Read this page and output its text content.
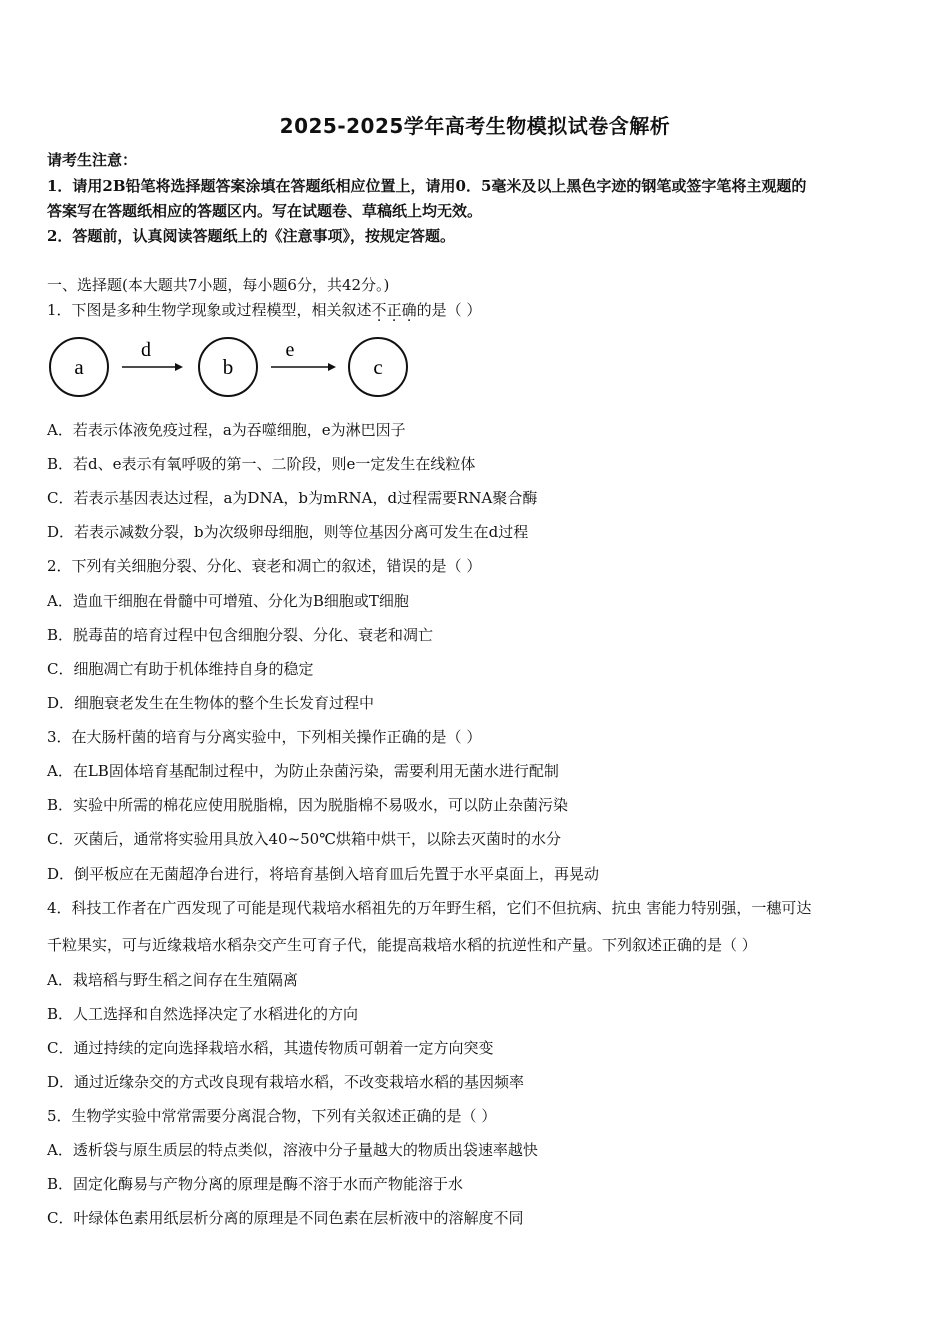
2025-2025学年高考生物模拟试卷含解析
请考生注意：
1．请用2B铅笔将选择题答案涂填在答题纸相应位置上，请用0．5毫米及以上黑色字迹的钢笔或签字笔将主观题的
答案写在答题纸相应的答题区内。写在试题卷、草稿纸上均无效。
2．答题前，认真阅读答题纸上的《注意事项》，按规定答题。
一、选择题(本大题共7小题，每小题6分，共42分。)
1．下图是多种生物学现象或过程模型，相关叙述不正确的是（ ）
a
d
b
e
c
A．若表示体液免疫过程，a为吞噬细胞，e为淋巴因子
B．若d、e表示有氧呼吸的第一、二阶段，则e一定发生在线粒体
C．若表示基因表达过程，a为DNA，b为mRNA，d过程需要RNA聚合酶
D．若表示减数分裂，b为次级卵母细胞，则等位基因分离可发生在d过程
2．下列有关细胞分裂、分化、衰老和凋亡的叙述，错误的是（ ）
A．造血干细胞在骨髓中可增殖、分化为B细胞或T细胞
B．脱毒苗的培育过程中包含细胞分裂、分化、衰老和凋亡
C．细胞凋亡有助于机体维持自身的稳定
D．细胞衰老发生在生物体的整个生长发育过程中
3．在大肠杆菌的培育与分离实验中，下列相关操作正确的是（ ）
A．在LB固体培育基配制过程中，为防止杂菌污染，需要利用无菌水进行配制
B．实验中所需的棉花应使用脱脂棉，因为脱脂棉不易吸水，可以防止杂菌污染
C．灭菌后，通常将实验用具放入40~50℃烘箱中烘干，以除去灭菌时的水分
D．倒平板应在无菌超净台进行，将培育基倒入培育皿后先置于水平桌面上，再晃动
4．科技工作者在广西发现了可能是现代栽培水稻祖先的万年野生稻，它们不但抗病、抗虫 害能力特别强，一穗可达
千粒果实，可与近缘栽培水稻杂交产生可育子代，能提高栽培水稻的抗逆性和产量。下列叙述正确的是（ ）
A．栽培稻与野生稻之间存在生殖隔离
B．人工选择和自然选择决定了水稻进化的方向
C．通过持续的定向选择栽培水稻，其遗传物质可朝着一定方向突变
D．通过近缘杂交的方式改良现有栽培水稻，不改变栽培水稻的基因频率
5．生物学实验中常常需要分离混合物，下列有关叙述正确的是（ ）
A．透析袋与原生质层的特点类似，溶液中分子量越大的物质出袋速率越快
B．固定化酶易与产物分离的原理是酶不溶于水而产物能溶于水
C．叶绿体色素用纸层析分离的原理是不同色素在层析液中的溶解度不同
